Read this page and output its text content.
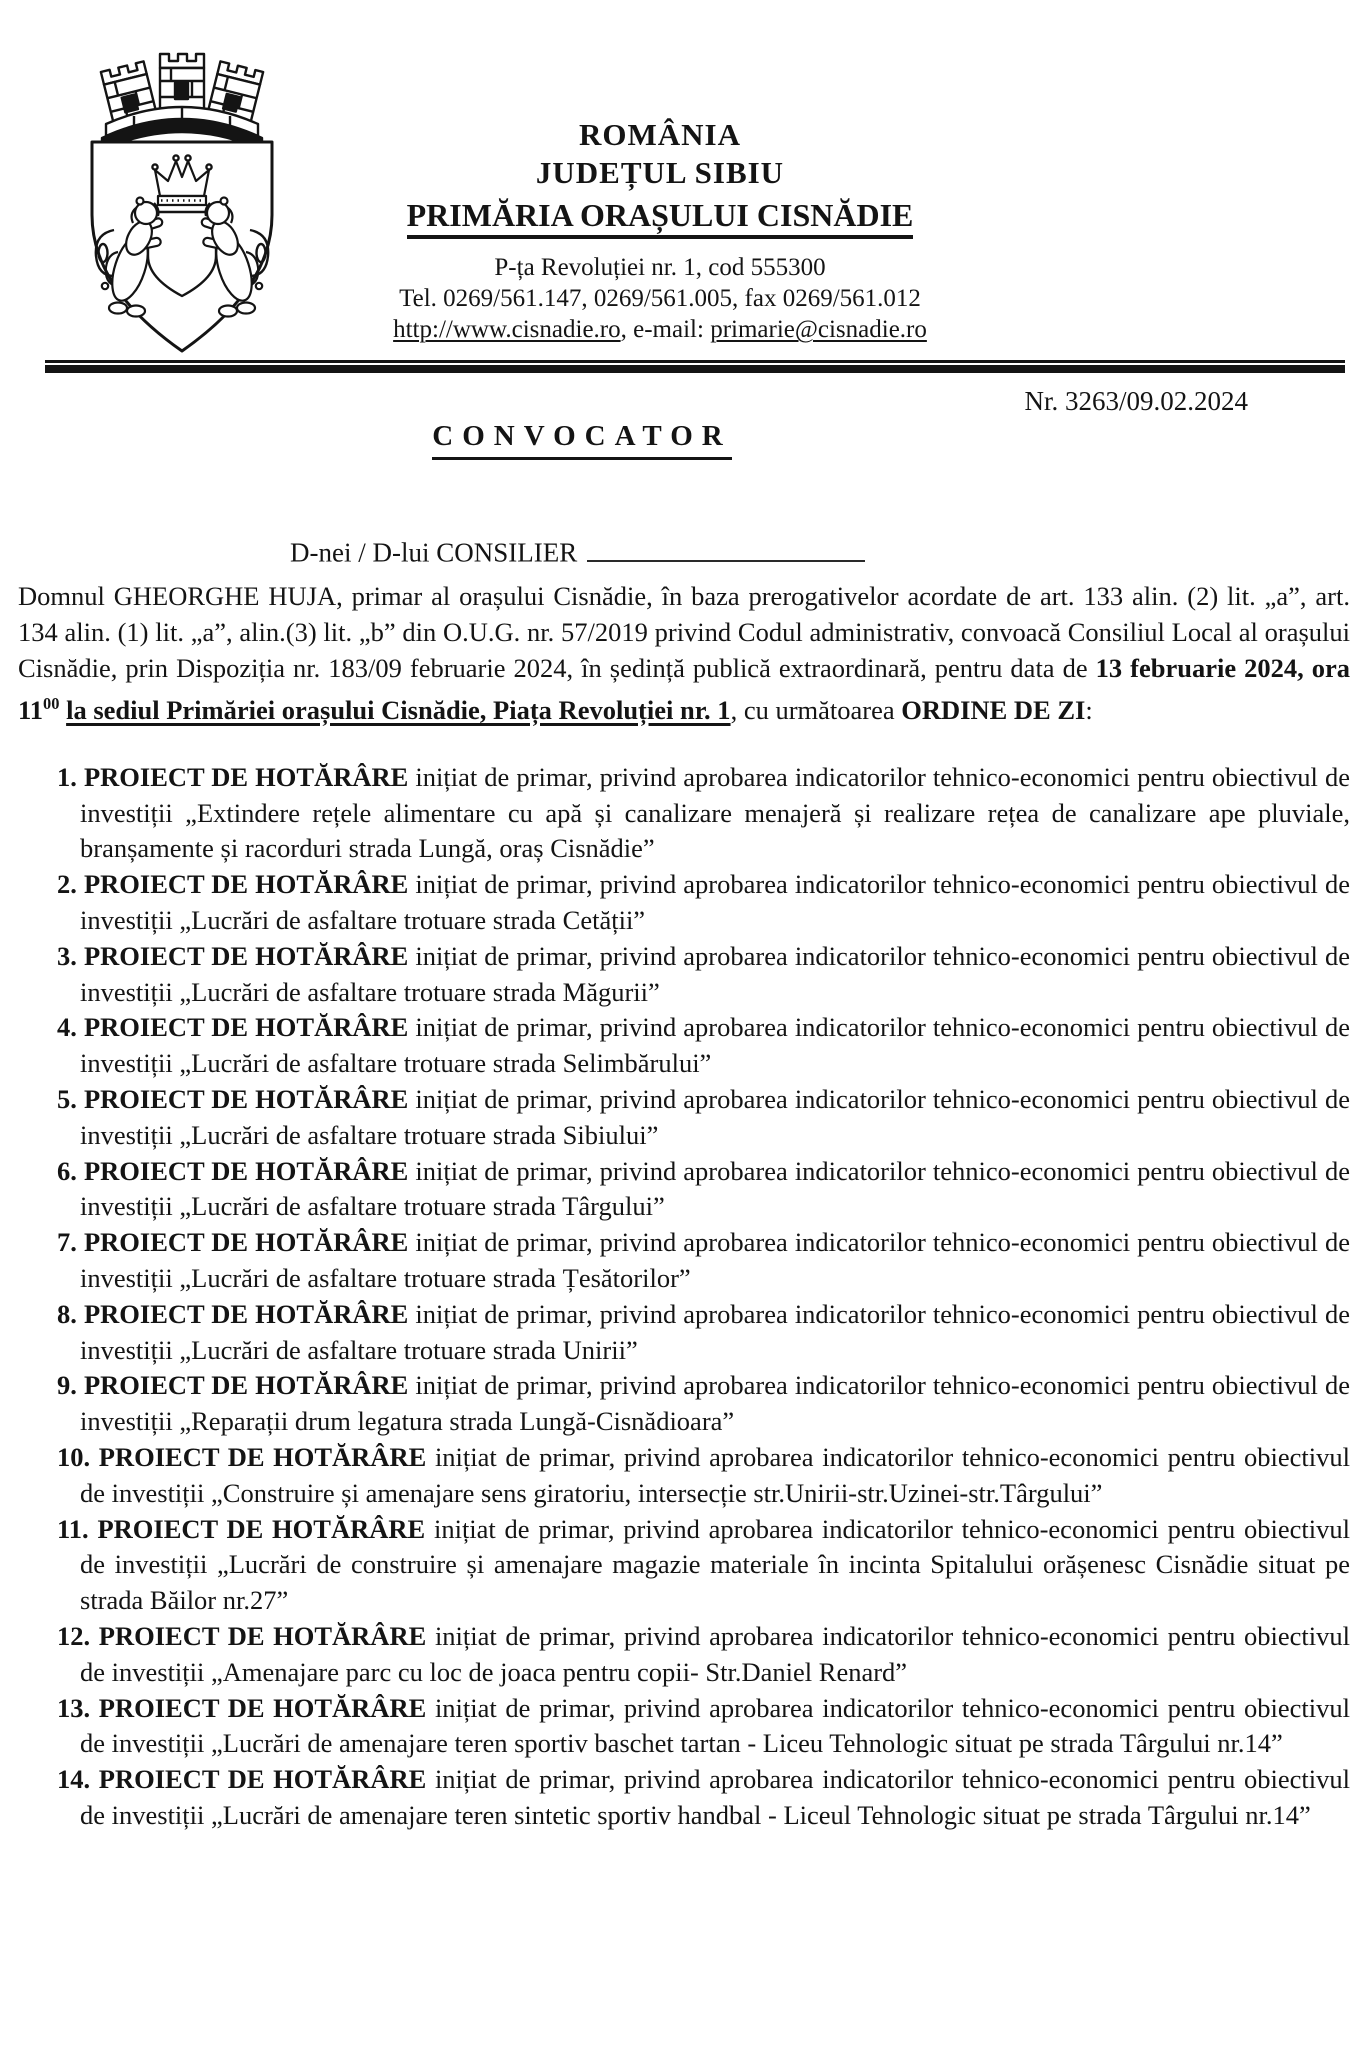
ROMÂNIA
JUDEȚUL SIBIU
PRIMĂRIA ORAȘULUI CISNĂDIE
P-ța Revoluției nr. 1, cod 555300
Tel. 0269/561.147, 0269/561.005, fax 0269/561.012
http://www.cisnadie.ro, e-mail: primarie@cisnadie.ro
Nr. 3263/09.02.2024
CONVOCATOR
D-nei / D-lui CONSILIER

Domnul GHEORGHE HUJA, primar al orașului Cisnădie, în baza prerogativelor acordate de art. 133 alin. (2) lit. „a”, art. 134 alin. (1) lit. „a”, alin.(3) lit. „b” din O.U.G. nr. 57/2019 privind Codul administrativ, convoacă Consiliul Local al orașului Cisnădie, prin Dispoziția nr. 183/09 februarie 2024, în ședință publică extraordinară, pentru data de 13 februarie 2024, ora $11^{00}$ la sediul Primăriei orașului Cisnădie, Piața Revoluției nr. 1, cu următoarea ORDINE DE ZI:

1. PROIECT DE HOTĂRÂRE inițiat de primar, privind aprobarea indicatorilor tehnico-economici pentru obiectivul de investiții „Extindere rețele alimentare cu apă și canalizare menajeră și realizare rețea de canalizare ape pluviale, branșamente și racorduri strada Lungă, oraș Cisnădie”
2. PROIECT DE HOTĂRÂRE inițiat de primar, privind aprobarea indicatorilor tehnico-economici pentru obiectivul de investiții „Lucrări de asfaltare trotuare strada Cetății”
3. PROIECT DE HOTĂRÂRE inițiat de primar, privind aprobarea indicatorilor tehnico-economici pentru obiectivul de investiții „Lucrări de asfaltare trotuare strada Măgurii”
4. PROIECT DE HOTĂRÂRE inițiat de primar, privind aprobarea indicatorilor tehnico-economici pentru obiectivul de investiții „Lucrări de asfaltare trotuare strada Selimbărului”
5. PROIECT DE HOTĂRÂRE inițiat de primar, privind aprobarea indicatorilor tehnico-economici pentru obiectivul de investiții „Lucrări de asfaltare trotuare strada Sibiului”
6. PROIECT DE HOTĂRÂRE inițiat de primar, privind aprobarea indicatorilor tehnico-economici pentru obiectivul de investiții „Lucrări de asfaltare trotuare strada Târgului”
7. PROIECT DE HOTĂRÂRE inițiat de primar, privind aprobarea indicatorilor tehnico-economici pentru obiectivul de investiții „Lucrări de asfaltare trotuare strada Țesătorilor”
8. PROIECT DE HOTĂRÂRE inițiat de primar, privind aprobarea indicatorilor tehnico-economici pentru obiectivul de investiții „Lucrări de asfaltare trotuare strada Unirii”
9. PROIECT DE HOTĂRÂRE inițiat de primar, privind aprobarea indicatorilor tehnico-economici pentru obiectivul de investiții „Reparații drum legatura strada Lungă-Cisnădioara”
10. PROIECT DE HOTĂRÂRE inițiat de primar, privind aprobarea indicatorilor tehnico-economici pentru obiectivul de investiții „Construire și amenajare sens giratoriu, intersecție str.Unirii-str.Uzinei-str.Târgului”
11. PROIECT DE HOTĂRÂRE inițiat de primar, privind aprobarea indicatorilor tehnico-economici pentru obiectivul de investiții „Lucrări de construire și amenajare magazie materiale în incinta Spitalului orășenesc Cisnădie situat pe strada Băilor nr.27”
12. PROIECT DE HOTĂRÂRE inițiat de primar, privind aprobarea indicatorilor tehnico-economici pentru obiectivul de investiții „Amenajare parc cu loc de joaca pentru copii- Str.Daniel Renard”
13. PROIECT DE HOTĂRÂRE inițiat de primar, privind aprobarea indicatorilor tehnico-economici pentru obiectivul de investiții „Lucrări de amenajare teren sportiv baschet tartan - Liceu Tehnologic situat pe strada Târgului nr.14”
14. PROIECT DE HOTĂRÂRE inițiat de primar, privind aprobarea indicatorilor tehnico-economici pentru obiectivul de investiții „Lucrări de amenajare teren sintetic sportiv handbal - Liceul Tehnologic situat pe strada Târgului nr.14”
